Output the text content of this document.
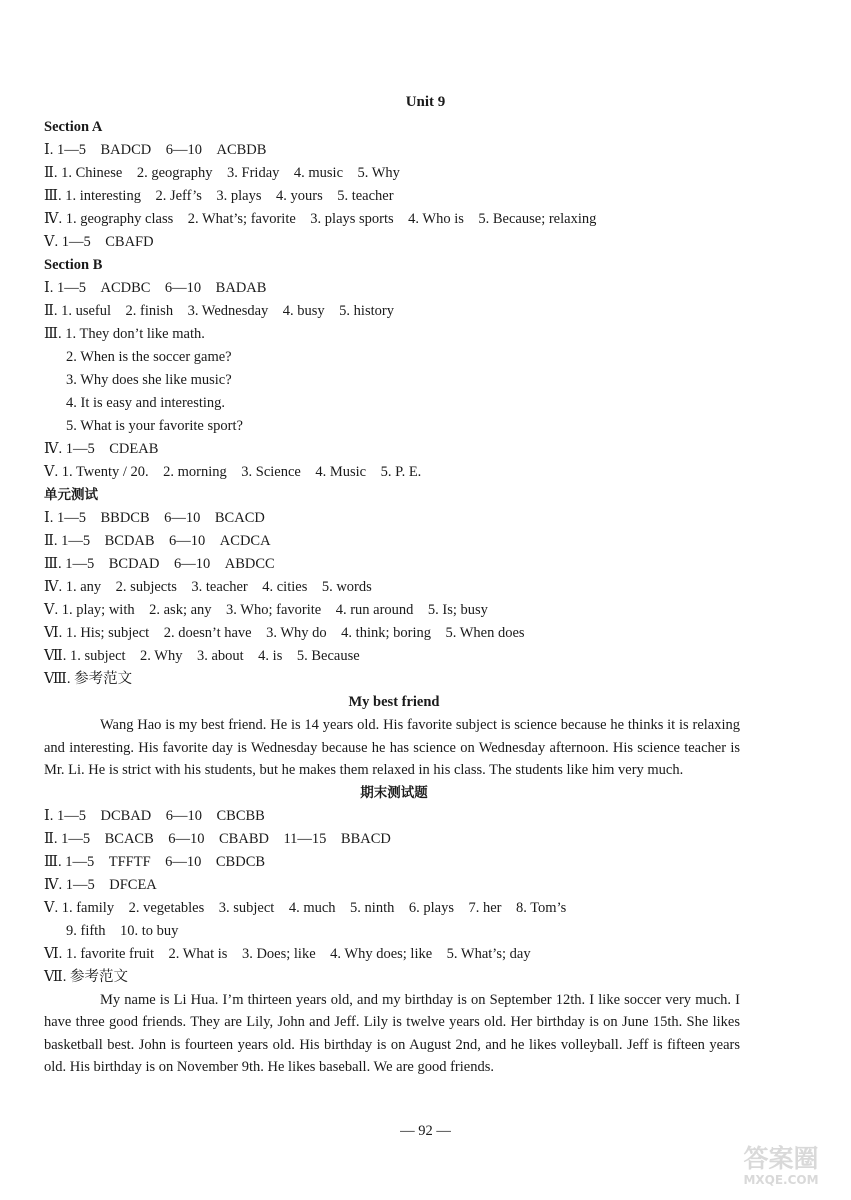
Unit 9
Section A
Ⅰ. 1—5　BADCD　6—10　ACBDB
Ⅱ. 1. Chinese　2. geography　3. Friday　4. music　5. Why
Ⅲ. 1. interesting　2. Jeff’s　3. plays　4. yours　5. teacher
Ⅳ. 1. geography class　2. What’s; favorite　3. plays sports　4. Who is　5. Because; relaxing
Ⅴ. 1—5　CBAFD
Section B
Ⅰ. 1—5　ACDBC　6—10　BADAB
Ⅱ. 1. useful　2. finish　3. Wednesday　4. busy　5. history
Ⅲ. 1. They don’t like math.
2. When is the soccer game?
3. Why does she like music?
4. It is easy and interesting.
5. What is your favorite sport?
Ⅳ. 1—5　CDEAB
Ⅴ. 1. Twenty / 20.　2. morning　3. Science　4. Music　5. P. E.
单元测试
Ⅰ. 1—5　BBDCB　6—10　BCACD
Ⅱ. 1—5　BCDAB　6—10　ACDCA
Ⅲ. 1—5　BCDAD　6—10　ABDCC
Ⅳ. 1. any　2. subjects　3. teacher　4. cities　5. words
Ⅴ. 1. play; with　2. ask; any　3. Who; favorite　4. run around　5. Is; busy
Ⅵ. 1. His; subject　2. doesn’t have　3. Why do　4. think; boring　5. When does
Ⅶ. 1. subject　2. Why　3. about　4. is　5. Because
Ⅷ. 参考范文
My best friend
Wang Hao is my best friend. He is 14 years old. His favorite subject is science because he thinks it is relaxing and interesting. His favorite day is Wednesday because he has science on Wednesday afternoon. His science teacher is Mr. Li. He is strict with his students, but he makes them relaxed in his class. The students like him very much.
期末测试题
Ⅰ. 1—5　DCBAD　6—10　CBCBB
Ⅱ. 1—5　BCACB　6—10　CBABD　11—15　BBACD
Ⅲ. 1—5　TFFTF　6—10　CBDCB
Ⅳ. 1—5　DFCEA
Ⅴ. 1. family　2. vegetables　3. subject　4. much　5. ninth　6. plays　7. her　8. Tom’s
9. fifth　10. to buy
Ⅵ. 1. favorite fruit　2. What is　3. Does; like　4. Why does; like　5. What’s; day
Ⅶ. 参考范文
My name is Li Hua. I’m thirteen years old, and my birthday is on September 12th. I like soccer very much. I have three good friends. They are Lily, John and Jeff. Lily is twelve years old. Her birthday is on June 15th. She likes basketball best. John is fourteen years old. His birthday is on August 2nd, and he likes volleyball. Jeff is fifteen years old. His birthday is on November 9th. He likes baseball. We are good friends.
— 92 —
答案圈
MXQE.COM
